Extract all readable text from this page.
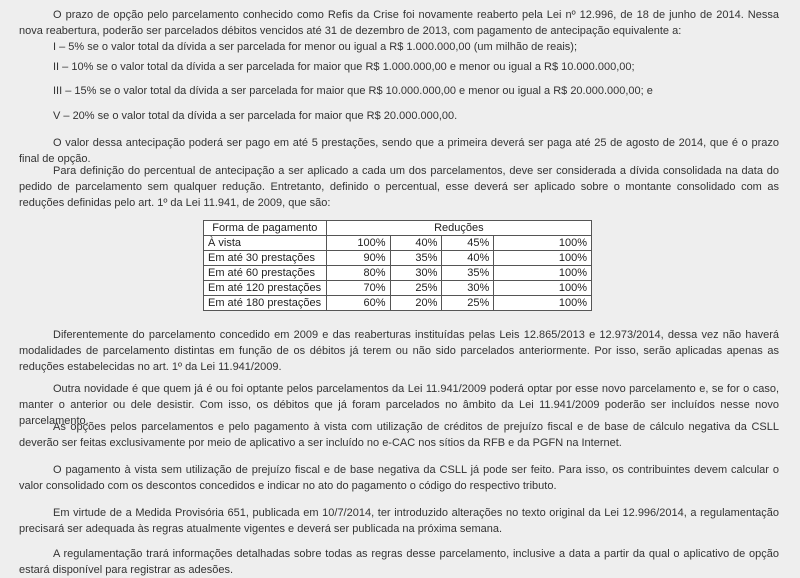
O prazo de opção pelo parcelamento conhecido como Refis da Crise foi novamente reaberto pela Lei nº 12.996, de 18 de junho de 2014. Nessa nova reabertura, poderão ser parcelados débitos vencidos até 31 de dezembro de 2013, com pagamento de antecipação equivalente a:

I – 5% se o valor total da dívida a ser parcelada for menor ou igual a R$ 1.000.000,00 (um milhão de reais);

II – 10% se o valor total da dívida a ser parcelada for maior que R$ 1.000.000,00 e menor ou igual a R$ 10.000.000,00;

III – 15% se o valor total da dívida a ser parcelada for maior que R$ 10.000.000,00 e menor ou igual a R$ 20.000.000,00; e

V – 20% se o valor total da dívida a ser parcelada for maior que R$ 20.000.000,00.

O valor dessa antecipação poderá ser pago em até 5 prestações, sendo que a primeira deverá ser paga até 25 de agosto de 2014, que é o prazo final de opção.

Para definição do percentual de antecipação a ser aplicado a cada um dos parcelamentos, deve ser considerada a dívida consolidada na data do pedido de parcelamento sem qualquer redução. Entretanto, definido o percentual, esse deverá ser aplicado sobre o montante consolidado com as reduções definidas pelo art. 1º da Lei 11.941, de 2009, que são:

Forma de pagamento	Reduções			
À vista	100%	40%	45%	100%
Em até 30 prestações	90%	35%	40%	100%
Em até 60 prestações	80%	30%	35%	100%
Em até 120 prestações	70%	25%	30%	100%
Em até 180 prestações	60%	20%	25%	100%

Diferentemente do parcelamento concedido em 2009 e das reaberturas instituídas pelas Leis 12.865/2013 e 12.973/2014, dessa vez não haverá modalidades de parcelamento distintas em função de os débitos já terem ou não sido parcelados anteriormente. Por isso, serão aplicadas apenas as reduções estabelecidas no art. 1º da Lei 11.941/2009.

Outra novidade é que quem já é ou foi optante pelos parcelamentos da Lei 11.941/2009 poderá optar por esse novo parcelamento e, se for o caso, manter o anterior ou dele desistir. Com isso, os débitos que já foram parcelados no âmbito da Lei 11.941/2009 poderão ser incluídos nesse novo parcelamento.

As opções pelos parcelamentos e pelo pagamento à vista com utilização de créditos de prejuízo fiscal e de base de cálculo negativa da CSLL deverão ser feitas exclusivamente por meio de aplicativo a ser incluído no e-CAC nos sítios da RFB e da PGFN na Internet.

O pagamento à vista sem utilização de prejuízo fiscal e de base negativa da CSLL já pode ser feito. Para isso, os contribuintes devem calcular o valor consolidado com os descontos concedidos e indicar no ato do pagamento o código do respectivo tributo.

Em virtude de a Medida Provisória 651, publicada em 10/7/2014, ter introduzido alterações no texto original da Lei 12.996/2014, a regulamentação precisará ser adequada às regras atualmente vigentes e deverá ser publicada na próxima semana.

A regulamentação trará informações detalhadas sobre todas as regras desse parcelamento, inclusive a data a partir da qual o aplicativo de opção estará disponível para registrar as adesões.
